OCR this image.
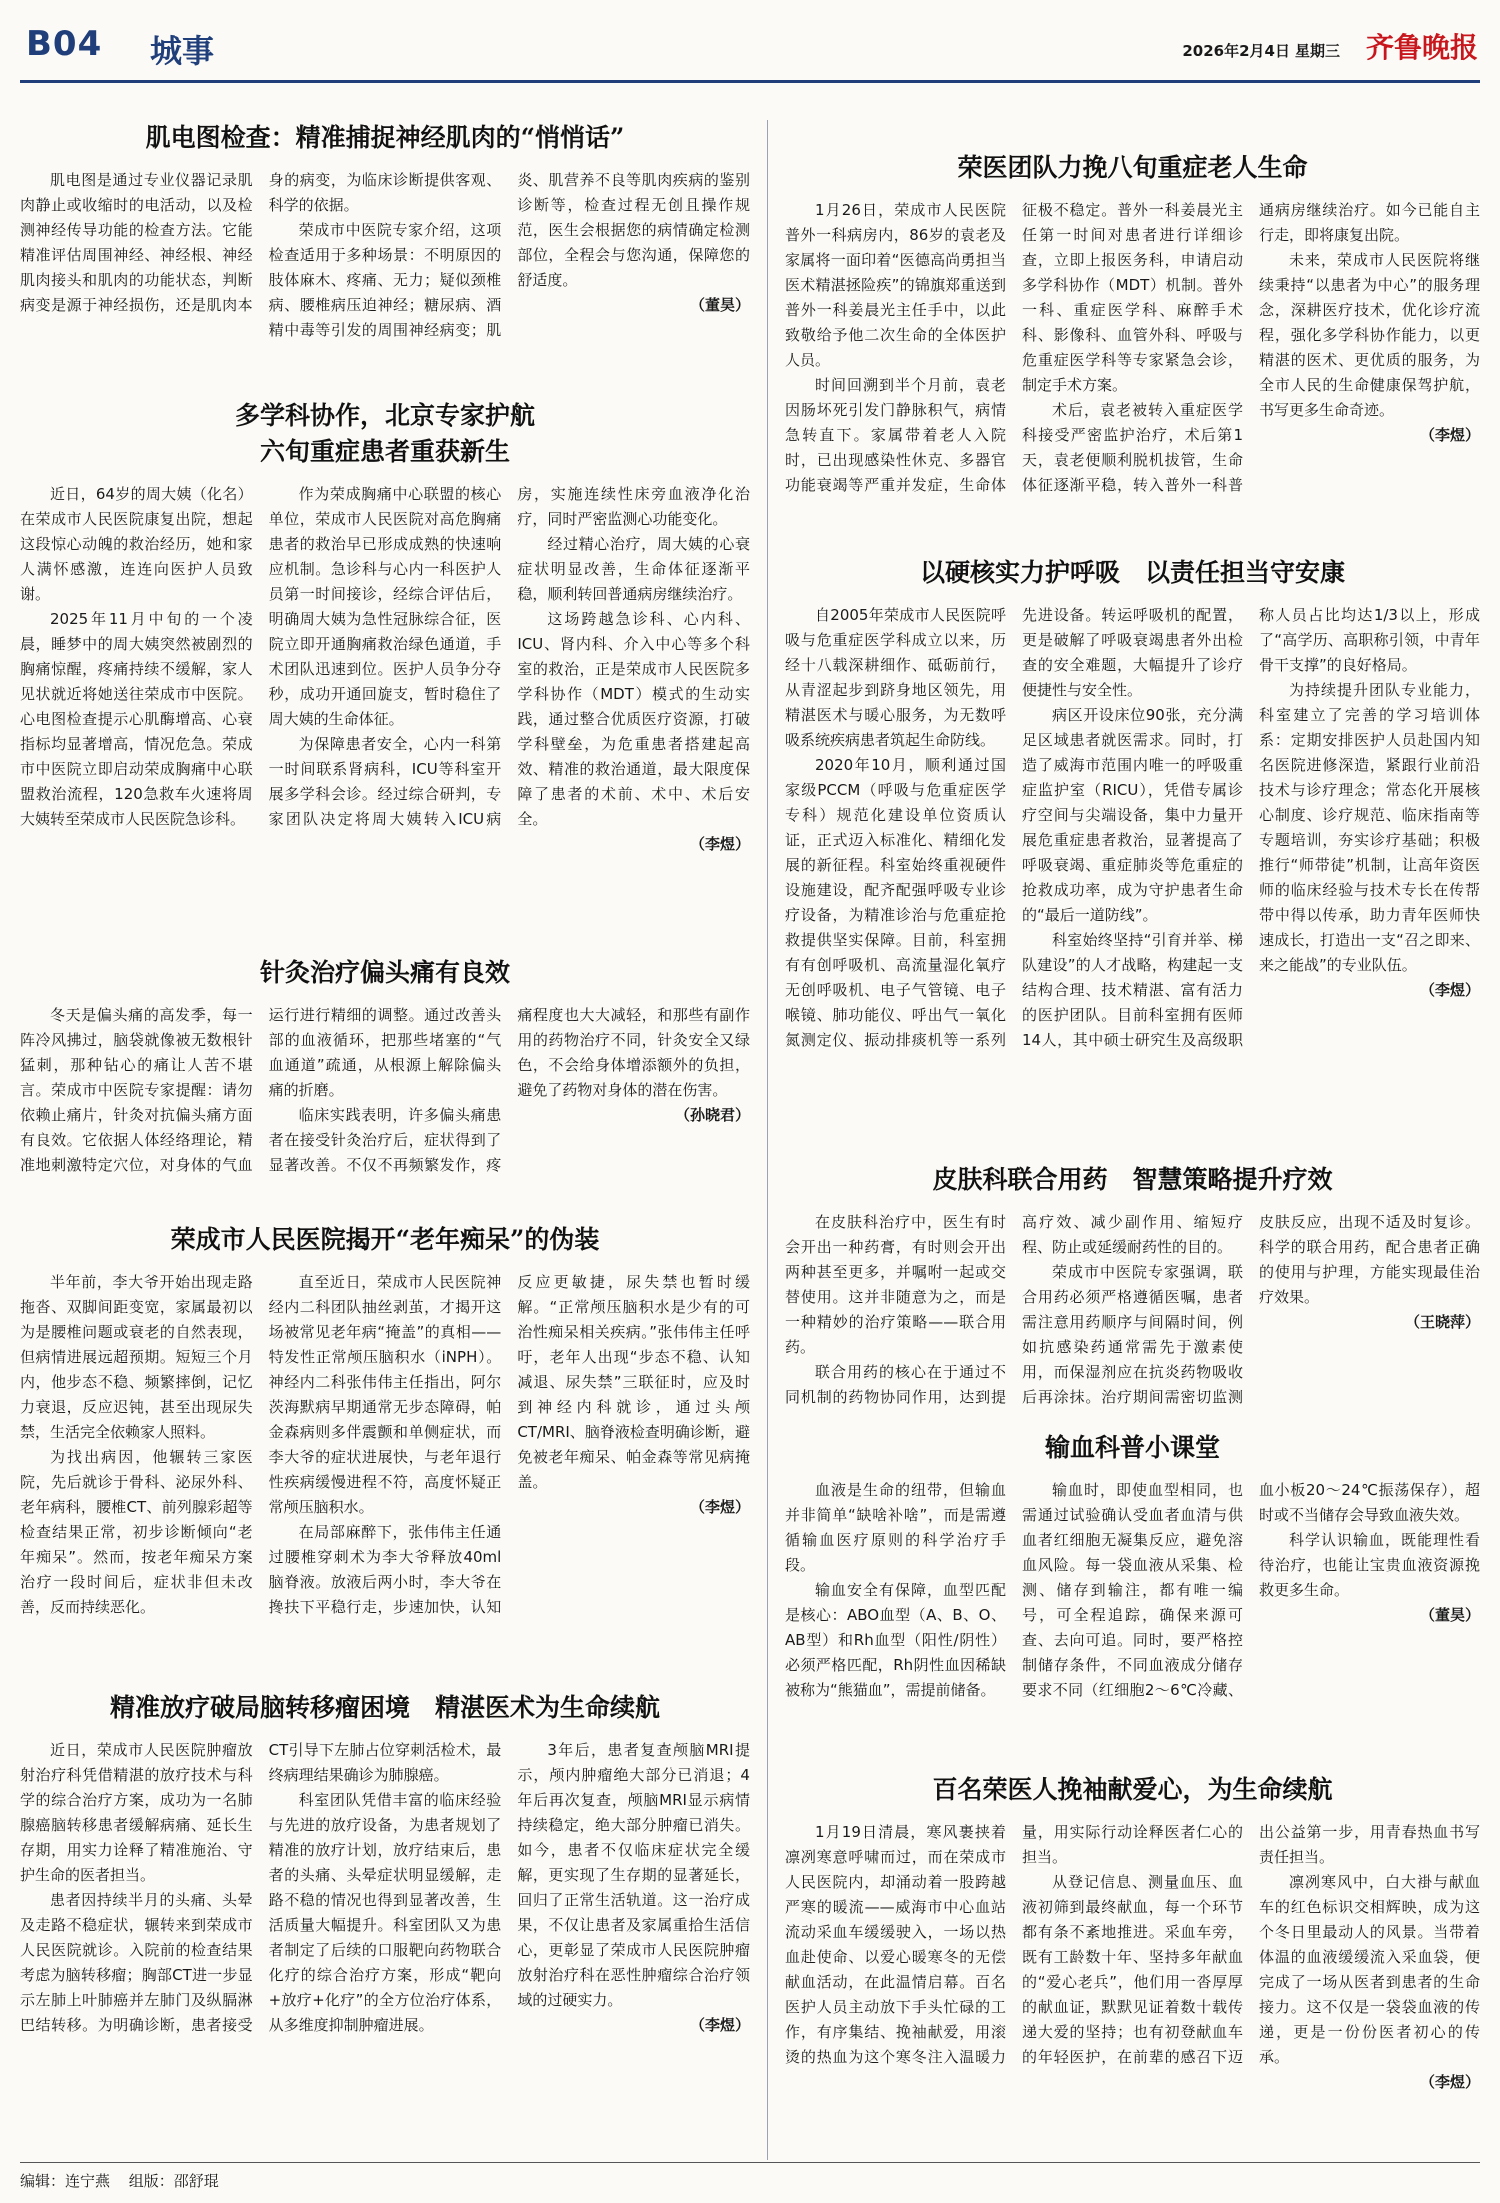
B04 城事	2026年2月4日 星期三 齐鲁晚报
肌电图检查：精准捕捉神经肌肉的“悄悄话”

肌电图是通过专业仪器记录肌肉静止或收缩时的电活动，以及检测神经传导功能的检查方法。它能精准评估周围神经、神经根、神经肌肉接头和肌肉的功能状态，判断病变是源于神经损伤，还是肌肉本身的病变，为临床诊断提供客观、科学的依据。

荣成市中医院专家介绍，这项检查适用于多种场景：不明原因的肢体麻木、疼痛、无力；疑似颈椎病、腰椎病压迫神经；糖尿病、酒精中毒等引发的周围神经病变；肌炎、肌营养不良等肌肉疾病的鉴别诊断等，检查过程无创且操作规范，医生会根据您的病情确定检测部位，全程会与您沟通，保障您的舒适度。

（董昊）
多学科协作，北京专家护航
六旬重症患者重获新生

近日，64岁的周大姨（化名）在荣成市人民医院康复出院，想起这段惊心动魄的救治经历，她和家人满怀感激，连连向医护人员致谢。

2025年11月中旬的一个凌晨，睡梦中的周大姨突然被剧烈的胸痛惊醒，疼痛持续不缓解，家人见状就近将她送往荣成市中医院。心电图检查提示心肌酶增高、心衰指标均显著增高，情况危急。荣成市中医院立即启动荣成胸痛中心联盟救治流程，120急救车火速将周大姨转至荣成市人民医院急诊科。

作为荣成胸痛中心联盟的核心单位，荣成市人民医院对高危胸痛患者的救治早已形成成熟的快速响应机制。急诊科与心内一科医护人员第一时间接诊，经综合评估后，明确周大姨为急性冠脉综合征，医院立即开通胸痛救治绿色通道，手术团队迅速到位。医护人员争分夺秒，成功开通回旋支，暂时稳住了周大姨的生命体征。

为保障患者安全，心内一科第一时间联系肾病科，ICU等科室开展多学科会诊。经过综合研判，专家团队决定将周大姨转入ICU病房，实施连续性床旁血液净化治疗，同时严密监测心功能变化。

经过精心治疗，周大姨的心衰症状明显改善，生命体征逐渐平稳，顺利转回普通病房继续治疗。

这场跨越急诊科、心内科、ICU、肾内科、介入中心等多个科室的救治，正是荣成市人民医院多学科协作（MDT）模式的生动实践，通过整合优质医疗资源，打破学科壁垒，为危重患者搭建起高效、精准的救治通道，最大限度保障了患者的术前、术中、术后安全。

（李煜）
针灸治疗偏头痛有良效

冬天是偏头痛的高发季，每一阵冷风拂过，脑袋就像被无数根针猛刺，那种钻心的痛让人苦不堪言。荣成市中医院专家提醒：请勿依赖止痛片，针灸对抗偏头痛方面有良效。它依据人体经络理论，精准地刺激特定穴位，对身体的气血运行进行精细的调整。通过改善头部的血液循环，把那些堵塞的“气血通道”疏通，从根源上解除偏头痛的折磨。

临床实践表明，许多偏头痛患者在接受针灸治疗后，症状得到了显著改善。不仅不再频繁发作，疼痛程度也大大减轻，和那些有副作用的药物治疗不同，针灸安全又绿色，不会给身体增添额外的负担，避免了药物对身体的潜在伤害。

（孙晓君）
荣成市人民医院揭开“老年痴呆”的伪装

半年前，李大爷开始出现走路拖沓、双脚间距变宽，家属最初以为是腰椎问题或衰老的自然表现，但病情进展远超预期。短短三个月内，他步态不稳、频繁摔倒，记忆力衰退，反应迟钝，甚至出现尿失禁，生活完全依赖家人照料。

为找出病因，他辗转三家医院，先后就诊于骨科、泌尿外科、老年病科，腰椎CT、前列腺彩超等检查结果正常，初步诊断倾向“老年痴呆”。然而，按老年痴呆方案治疗一段时间后，症状非但未改善，反而持续恶化。

直至近日，荣成市人民医院神经内二科团队抽丝剥茧，才揭开这场被常见老年病“掩盖”的真相——特发性正常颅压脑积水（iNPH）。神经内二科张伟伟主任指出，阿尔茨海默病早期通常无步态障碍，帕金森病则多伴震颤和单侧症状，而李大爷的症状进展快，与老年退行性疾病缓慢进程不符，高度怀疑正常颅压脑积水。

在局部麻醉下，张伟伟主任通过腰椎穿刺术为李大爷释放40ml脑脊液。放液后两小时，李大爷在搀扶下平稳行走，步速加快，认知反应更敏捷，尿失禁也暂时缓解。“正常颅压脑积水是少有的可治性痴呆相关疾病。”张伟伟主任呼吁，老年人出现“步态不稳、认知减退、尿失禁”三联征时，应及时到神经内科就诊，通过头颅CT/MRI、脑脊液检查明确诊断，避免被老年痴呆、帕金森等常见病掩盖。

（李煜）
精准放疗破局脑转移瘤困境　精湛医术为生命续航

近日，荣成市人民医院肿瘤放射治疗科凭借精湛的放疗技术与科学的综合治疗方案，成功为一名肺腺癌脑转移患者缓解病痛、延长生存期，用实力诠释了精准施治、守护生命的医者担当。

患者因持续半月的头痛、头晕及走路不稳症状，辗转来到荣成市人民医院就诊。入院前的检查结果考虑为脑转移瘤；胸部CT进一步显示左肺上叶肺癌并左肺门及纵膈淋巴结转移。为明确诊断，患者接受CT引导下左肺占位穿刺活检术，最终病理结果确诊为肺腺癌。

科室团队凭借丰富的临床经验与先进的放疗设备，为患者规划了精准的放疗计划，放疗结束后，患者的头痛、头晕症状明显缓解，走路不稳的情况也得到显著改善，生活质量大幅提升。科室团队又为患者制定了后续的口服靶向药物联合化疗的综合治疗方案，形成“靶向+放疗+化疗”的全方位治疗体系，从多维度抑制肿瘤进展。

3年后，患者复查颅脑MRI提示，颅内肿瘤绝大部分已消退；4年后再次复查，颅脑MRI显示病情持续稳定，绝大部分肿瘤已消失。如今，患者不仅临床症状完全缓解，更实现了生存期的显著延长，回归了正常生活轨道。这一治疗成果，不仅让患者及家属重拾生活信心，更彰显了荣成市人民医院肿瘤放射治疗科在恶性肿瘤综合治疗领域的过硬实力。

（李煜）
荣医团队力挽八旬重症老人生命

1月26日，荣成市人民医院普外一科病房内，86岁的袁老及家属将一面印着“医德高尚勇担当　医术精湛拯险疾”的锦旗郑重送到普外一科姜晨光主任手中，以此致敬给予他二次生命的全体医护人员。

时间回溯到半个月前，袁老因肠坏死引发门静脉积气，病情急转直下。家属带着老人入院时，已出现感染性休克、多器官功能衰竭等严重并发症，生命体征极不稳定。普外一科姜晨光主任第一时间对患者进行详细诊查，立即上报医务科，申请启动多学科协作（MDT）机制。普外一科、重症医学科、麻醉手术科、影像科、血管外科、呼吸与危重症医学科等专家紧急会诊，制定手术方案。

术后，袁老被转入重症医学科接受严密监护治疗，术后第1天，袁老便顺利脱机拔管，生命体征逐渐平稳，转入普外一科普通病房继续治疗。如今已能自主行走，即将康复出院。

未来，荣成市人民医院将继续秉持“以患者为中心”的服务理念，深耕医疗技术，优化诊疗流程，强化多学科协作能力，以更精湛的医术、更优质的服务，为全市人民的生命健康保驾护航，书写更多生命奇迹。

（李煜）
以硬核实力护呼吸　以责任担当守安康

自2005年荣成市人民医院呼吸与危重症医学科成立以来，历经十八载深耕细作、砥砺前行，从青涩起步到跻身地区领先，用精湛医术与暖心服务，为无数呼吸系统疾病患者筑起生命防线。

2020年10月，顺利通过国家级PCCM（呼吸与危重症医学专科）规范化建设单位资质认证，正式迈入标准化、精细化发展的新征程。科室始终重视硬件设施建设，配齐配强呼吸专业诊疗设备，为精准诊治与危重症抢救提供坚实保障。目前，科室拥有有创呼吸机、高流量湿化氧疗无创呼吸机、电子气管镜、电子喉镜、肺功能仪、呼出气一氧化氮测定仪、振动排痰机等一系列先进设备。转运呼吸机的配置，更是破解了呼吸衰竭患者外出检查的安全难题，大幅提升了诊疗便捷性与安全性。

病区开设床位90张，充分满足区域患者就医需求。同时，打造了威海市范围内唯一的呼吸重症监护室（RICU），凭借专属诊疗空间与尖端设备，集中力量开展危重症患者救治，显著提高了呼吸衰竭、重症肺炎等危重症的抢救成功率，成为守护患者生命的“最后一道防线”。

科室始终坚持“引育并举、梯队建设”的人才战略，构建起一支结构合理、技术精湛、富有活力的医护团队。目前科室拥有医师14人，其中硕士研究生及高级职称人员占比均达1/3以上，形成了“高学历、高职称引领，中青年骨干支撑”的良好格局。

为持续提升团队专业能力，科室建立了完善的学习培训体系：定期安排医护人员赴国内知名医院进修深造，紧跟行业前沿技术与诊疗理念；常态化开展核心制度、诊疗规范、临床指南等专题培训，夯实诊疗基础；积极推行“师带徒”机制，让高年资医师的临床经验与技术专长在传帮带中得以传承，助力青年医师快速成长，打造出一支“召之即来、来之能战”的专业队伍。

（李煜）
皮肤科联合用药　智慧策略提升疗效

在皮肤科治疗中，医生有时会开出一种药膏，有时则会开出两种甚至更多，并嘱咐一起或交替使用。这并非随意为之，而是一种精妙的治疗策略——联合用药。

联合用药的核心在于通过不同机制的药物协同作用，达到提高疗效、减少副作用、缩短疗程、防止或延缓耐药性的目的。

荣成市中医院专家强调，联合用药必须严格遵循医嘱，患者需注意用药顺序与间隔时间，例如抗感染药通常需先于激素使用，而保湿剂应在抗炎药物吸收后再涂抹。治疗期间需密切监测皮肤反应，出现不适及时复诊。科学的联合用药，配合患者正确的使用与护理，方能实现最佳治疗效果。

（王晓萍）
输血科普小课堂

血液是生命的纽带，但输血并非简单“缺啥补啥”，而是需遵循输血医疗原则的科学治疗手段。

输血安全有保障，血型匹配是核心：ABO血型（A、B、O、AB型）和Rh血型（阳性/阴性）必须严格匹配，Rh阴性血因稀缺被称为“熊猫血”，需提前储备。

输血时，即使血型相同，也需通过试验确认受血者血清与供血者红细胞无凝集反应，避免溶血风险。每一袋血液从采集、检测、储存到输注，都有唯一编号，可全程追踪，确保来源可查、去向可追。同时，要严格控制储存条件，不同血液成分储存要求不同（红细胞2～6℃冷藏、血小板20～24℃振荡保存），超时或不当储存会导致血液失效。

科学认识输血，既能理性看待治疗，也能让宝贵血液资源挽救更多生命。

（董昊）
百名荣医人挽袖献爱心，为生命续航

1月19日清晨，寒风裹挟着凛冽寒意呼啸而过，而在荣成市人民医院内，却涌动着一股跨越严寒的暖流——威海市中心血站流动采血车缓缓驶入，一场以热血赴使命、以爱心暖寒冬的无偿献血活动，在此温情启幕。百名医护人员主动放下手头忙碌的工作，有序集结、挽袖献爱，用滚烫的热血为这个寒冬注入温暖力量，用实际行动诠释医者仁心的担当。

从登记信息、测量血压、血液初筛到最终献血，每一个环节都有条不紊地推进。采血车旁，既有工龄数十年、坚持多年献血的“爱心老兵”，他们用一沓厚厚的献血证，默默见证着数十载传递大爱的坚持；也有初登献血车的年轻医护，在前辈的感召下迈出公益第一步，用青春热血书写责任担当。

凛冽寒风中，白大褂与献血车的红色标识交相辉映，成为这个冬日里最动人的风景。当带着体温的血液缓缓流入采血袋，便完成了一场从医者到患者的生命接力。这不仅是一袋袋血液的传递，更是一份份医者初心的传承。

（李煜）
编辑：连宁燕 组版：邵舒琨
